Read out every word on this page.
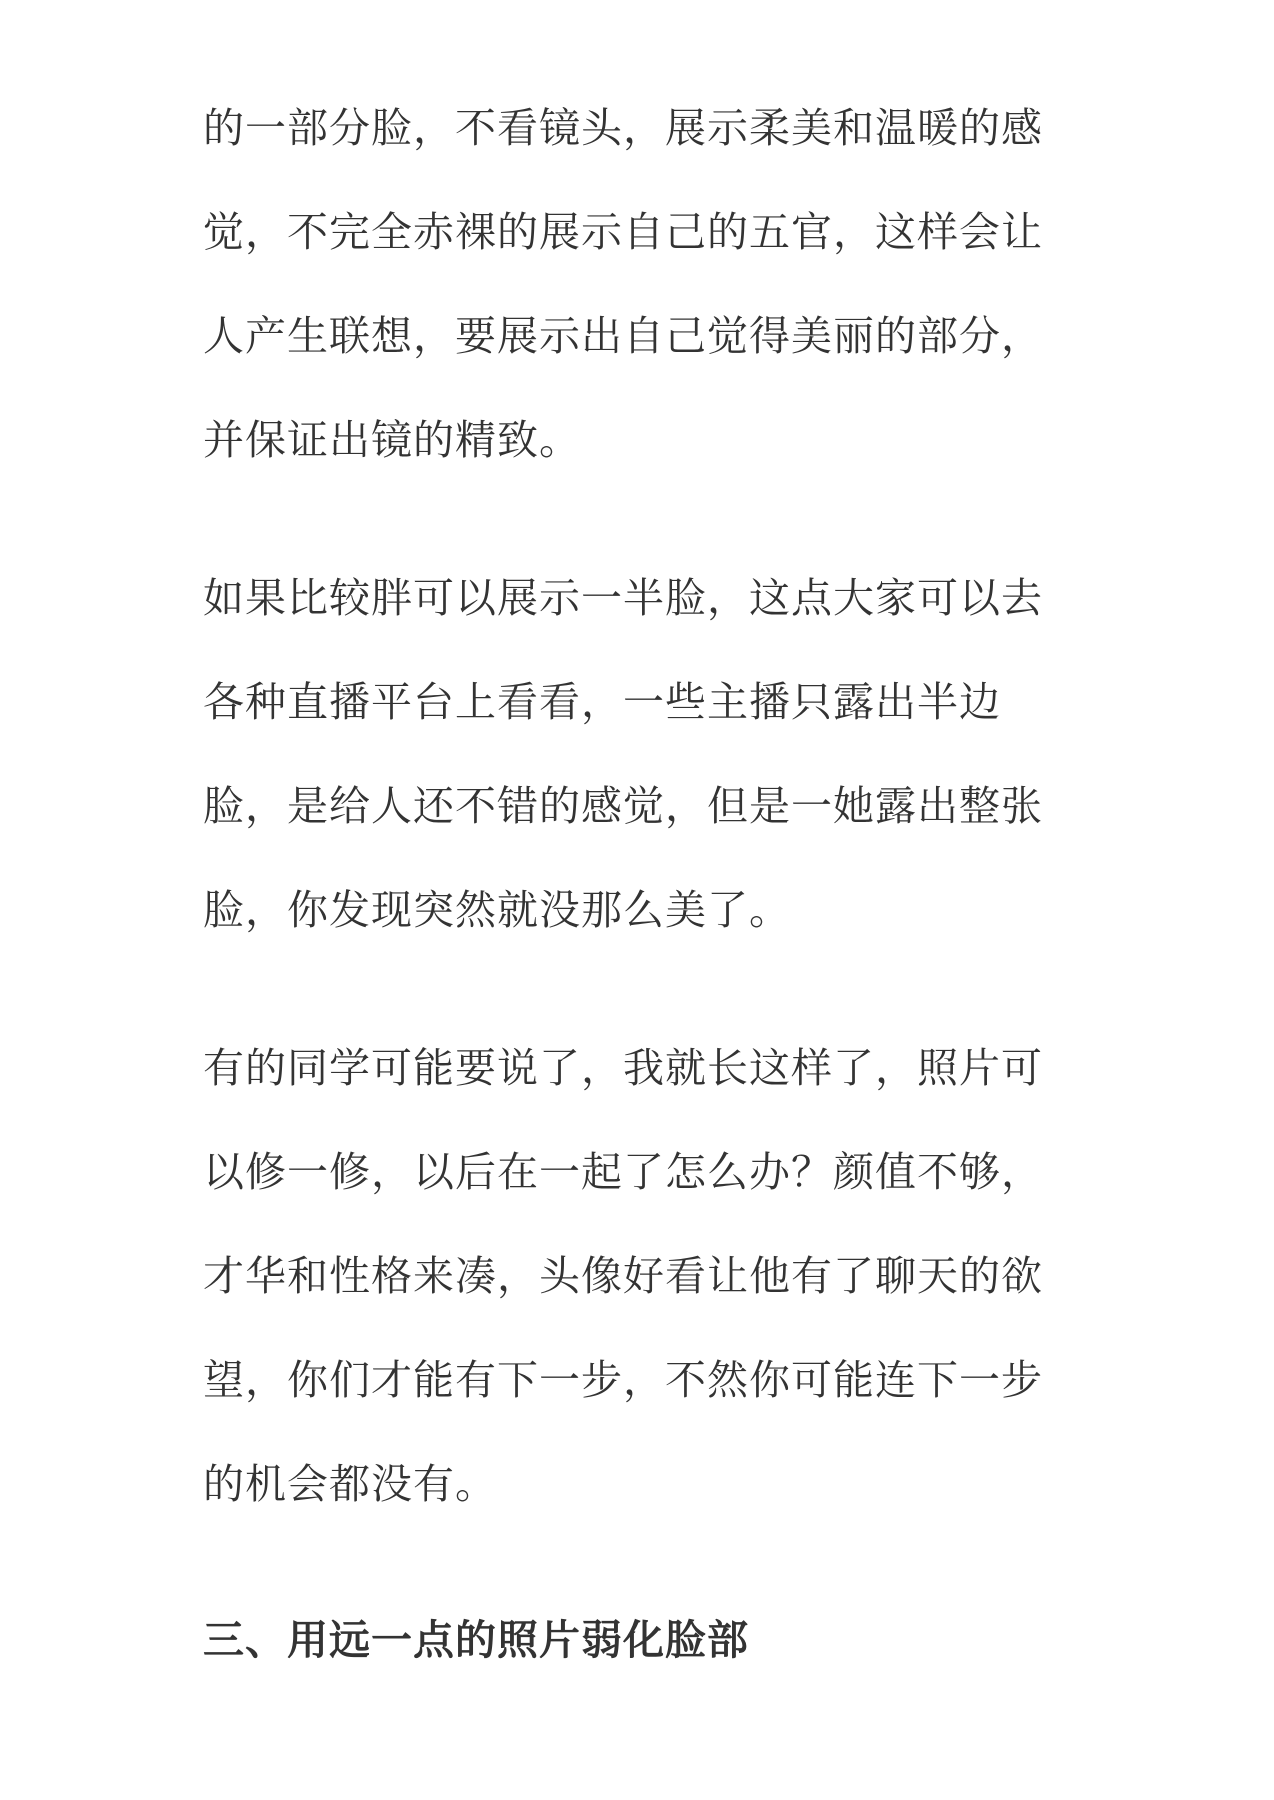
的一部分脸，不看镜头，展示柔美和温暖的感觉，不完全赤裸的展示自己的五官，这样会让人产生联想，要展示出自己觉得美丽的部分，并保证出镜的精致。

如果比较胖可以展示一半脸，这点大家可以去各种直播平台上看看，一些主播只露出半边脸，是给人还不错的感觉，但是一她露出整张脸，你发现突然就没那么美了。

有的同学可能要说了，我就长这样了，照片可以修一修，以后在一起了怎么办？颜值不够，才华和性格来凑，头像好看让他有了聊天的欲望，你们才能有下一步，不然你可能连下一步的机会都没有。

三、用远一点的照片弱化脸部
